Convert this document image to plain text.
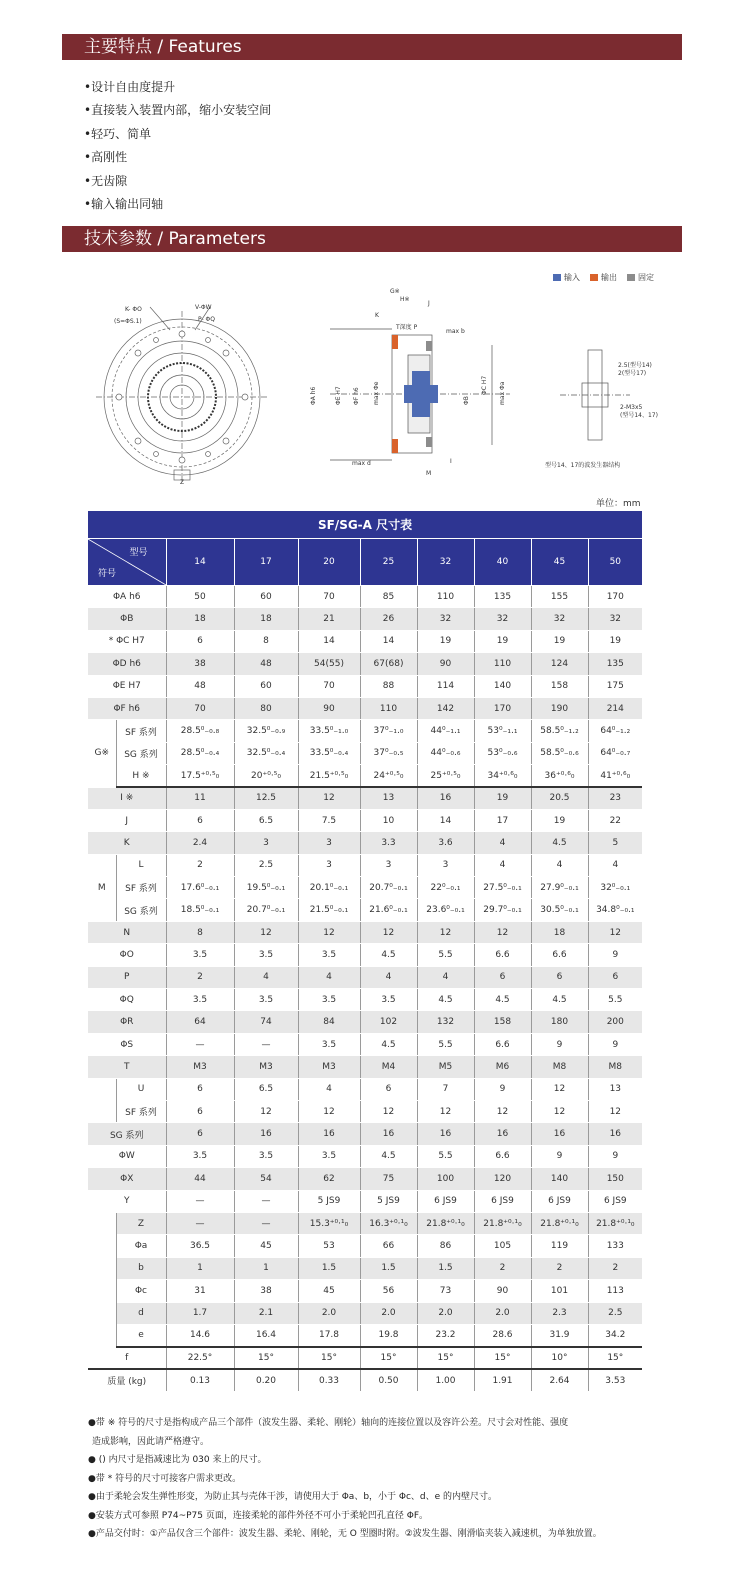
主要特点 / Features
•设计自由度提升
•直接装入装置内部，缩小安装空间
•轻巧、简单
•高刚性
•无齿隙
•输入输出同轴
技术参数 / Parameters
输入	输出	固定
K- ΦO	V-ΦW
P- ΦQ
(S=ΦS.1)
Z
G※
H※
J
K
T深度 P
max b
max d
ΦA h6	ΦE H7 ΦF h6 max Φe	ΦB
ΦC H7 max Φa
M
I
2.5(型号14)
2(型号17)
2-M3x5
(型号14、17)
型号14、17的波发生器结构
单位：mm
SF/SG-A 尺寸表									

型号
符号		14	17	20	25	32	40	45	50
ΦA h6		50	60	70	85	110	135	155	170
ΦB		18	18	21	26	32	32	32	32
* ΦC H7		6	8	14	14	19	19	19	19
ΦD h6		38	48	54(55)	67(68)	90	110	124	135
ΦE H7		48	60	70	88	114	140	158	175
ΦF h6		70	80	90	110	142	170	190	214
G※	SF 系列	28.5⁰₋₀.₈	32.5⁰₋₀.₉	33.5⁰₋₁.₀	37⁰₋₁.₀	44⁰₋₁.₁	53⁰₋₁.₁	58.5⁰₋₁.₂	64⁰₋₁.₂
	SG 系列	28.5⁰₋₀.₄	32.5⁰₋₀.₄	33.5⁰₋₀.₄	37⁰₋₀.₅	44⁰₋₀.₆	53⁰₋₀.₆	58.5⁰₋₀.₆	64⁰₋₀.₇
	H ※	17.5⁺⁰·⁵₀	20⁺⁰·⁵₀	21.5⁺⁰·⁵₀	24⁺⁰·⁵₀	25⁺⁰·⁵₀	34⁺⁰·⁶₀	36⁺⁰·⁶₀	41⁺⁰·⁶₀
I ※		11	12.5	12	13	16	19	20.5	23
J		6	6.5	7.5	10	14	17	19	22
K		2.4	3	3	3.3	3.6	4	4.5	5
M	L	2	2.5	3	3	3	4	4	4
	SF 系列	17.6⁰₋₀.₁	19.5⁰₋₀.₁	20.1⁰₋₀.₁	20.7⁰₋₀.₁	22⁰₋₀.₁	27.5⁰₋₀.₁	27.9⁰₋₀.₁	32⁰₋₀.₁
	SG 系列	18.5⁰₋₀.₁	20.7⁰₋₀.₁	21.5⁰₋₀.₁	21.6⁰₋₀.₁	23.6⁰₋₀.₁	29.7⁰₋₀.₁	30.5⁰₋₀.₁	34.8⁰₋₀.₁
N		8	12	12	12	12	12	18	12
ΦO		3.5	3.5	3.5	4.5	5.5	6.6	6.6	9
P		2	4	4	4	4	6	6	6
ΦQ		3.5	3.5	3.5	3.5	4.5	4.5	4.5	5.5
ΦR		64	74	84	102	132	158	180	200
ΦS		—	—	3.5	4.5	5.5	6.6	9	9
T		M3	M3	M3	M4	M5	M6	M8	M8
	U	6	6.5	4	6	7	9	12	13
	SF 系列	6	12	12	12	12	12	12	12
SG 系列		6	16	16	16	16	16	16	16
ΦW		3.5	3.5	3.5	4.5	5.5	6.6	9	9
ΦX		44	54	62	75	100	120	140	150
Y		—	—	5 JS9	5 JS9	6 JS9	6 JS9	6 JS9	6 JS9
	Z	—	—	15.3⁺⁰·¹₀	16.3⁺⁰·¹₀	21.8⁺⁰·¹₀	21.8⁺⁰·¹₀	21.8⁺⁰·¹₀	21.8⁺⁰·¹₀
	Φa	36.5	45	53	66	86	105	119	133
	b	1	1	1.5	1.5	1.5	2	2	2
	Φc	31	38	45	56	73	90	101	113
	d	1.7	2.1	2.0	2.0	2.0	2.0	2.3	2.5
	e	14.6	16.4	17.8	19.8	23.2	28.6	31.9	34.2
f		22.5°	15°	15°	15°	15°	15°	10°	15°
质量 (kg)		0.13	0.20	0.33	0.50	1.00	1.91	2.64	3.53

●带 ※ 符号的尺寸是指构成产品三个部件（波发生器、柔轮、刚轮）轴向的连接位置以及容许公差。尺寸会对性能、强度

造成影响，因此请严格遵守。

● () 内尺寸是指减速比为 030 来上的尺寸。

●带 * 符号的尺寸可接客户需求更改。

●由于柔轮会发生弹性形变，为防止其与壳体干涉，请使用大于 Φa、b，小于 Φc、d、e 的内壁尺寸。

●安装方式可参照 P74~P75 页面，连接柔轮的部件外径不可小于柔轮凹孔直径 ΦF。

●产品交付时：①产品仅含三个部件：波发生器、柔轮、刚轮，无 O 型圈时附。②波发生器、刚滑临夹装入减速机，为单独放置。
